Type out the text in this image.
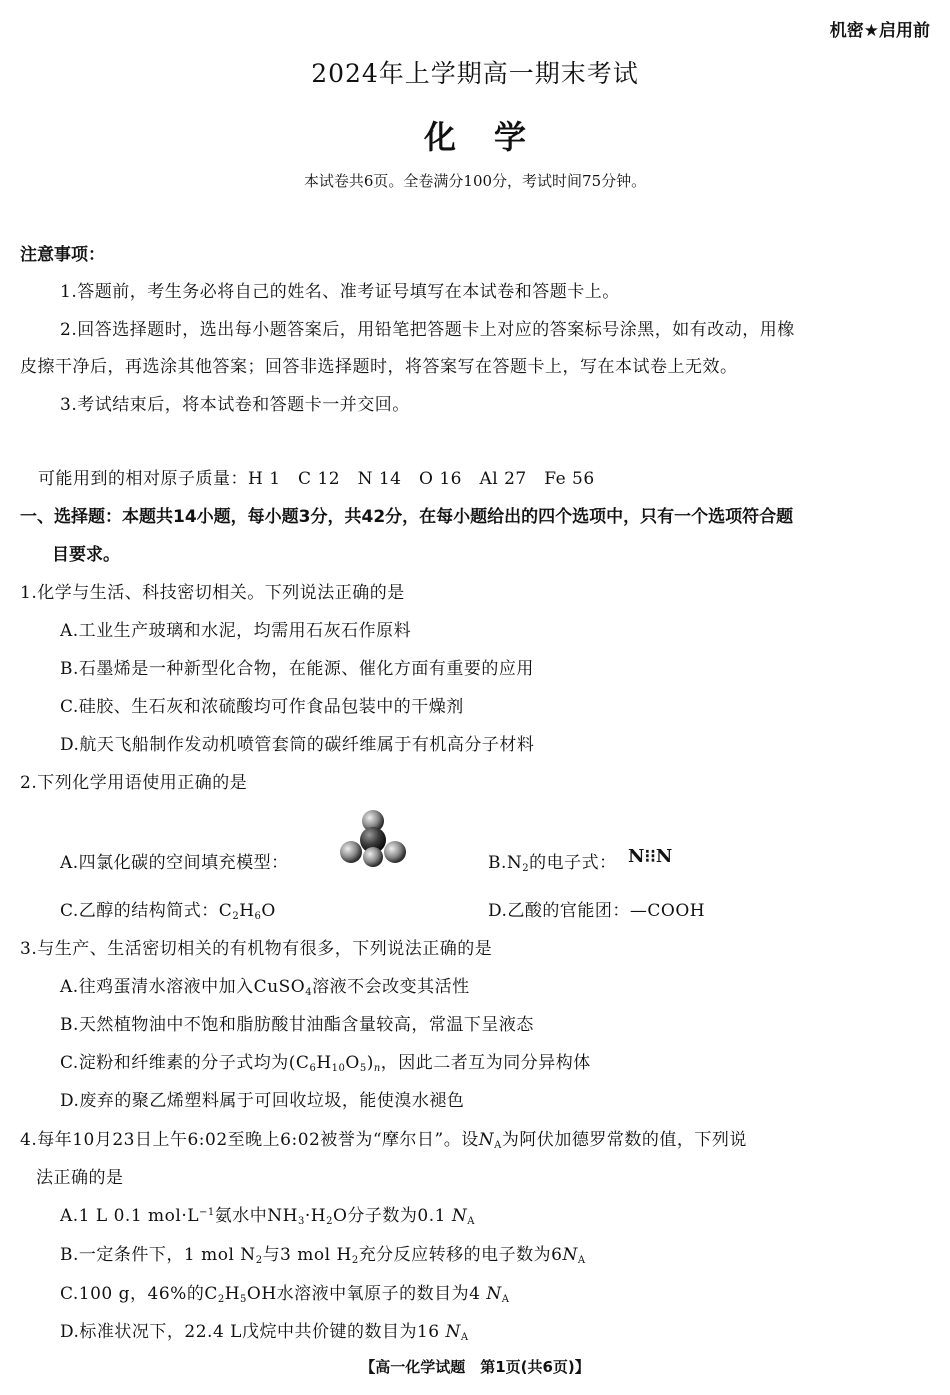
机密★启用前
2024年上学期高一期末考试
化学
本试卷共6页。全卷满分100分，考试时间75分钟。
注意事项：
1.答题前，考生务必将自己的姓名、准考证号填写在本试卷和答题卡上。
2.回答选择题时，选出每小题答案后，用铅笔把答题卡上对应的答案标号涂黑，如有改动，用橡
皮擦干净后，再选涂其他答案；回答非选择题时，将答案写在答题卡上，写在本试卷上无效。
3.考试结束后，将本试卷和答题卡一并交回。
可能用到的相对原子质量：H 1　C 12　N 14　O 16　Al 27　Fe 56
一、选择题：本题共14小题，每小题3分，共42分，在每小题给出的四个选项中，只有一个选项符合题
目要求。
1.化学与生活、科技密切相关。下列说法正确的是
A.工业生产玻璃和水泥，均需用石灰石作原料
B.石墨烯是一种新型化合物，在能源、催化方面有重要的应用
C.硅胶、生石灰和浓硫酸均可作食品包装中的干燥剂
D.航天飞船制作发动机喷管套筒的碳纤维属于有机高分子材料
2.下列化学用语使用正确的是
A.四氯化碳的空间填充模型：	$B.N_2$的电子式： N⁝⁝N
C.乙醇的结构简式：$C_2H_6O$	D.乙酸的官能团：—COOH
3.与生产、生活密切相关的有机物有很多，下列说法正确的是
A.往鸡蛋清水溶液中加入CuSO$_4$溶液不会改变其活性
B.天然植物油中不饱和脂肪酸甘油酯含量较高，常温下呈液态
C.淀粉和纤维素的分子式均为$(C_6H_{10}O_5)_n$，因此二者互为同分异构体
D.废弃的聚乙烯塑料属于可回收垃圾，能使溴水褪色
4.每年10月23日上午6:02至晚上6:02被誉为“摩尔日”。设$N_A$为阿伏加德罗常数的值，下列说
法正确的是
A.1 L 0.1 $mol\cdot L^{-1}$氨水中$NH_3\cdot H_2O$分子数为0.1 $N_A$
B.一定条件下，1 mol $N_2$与3 mol $H_2$充分反应转移的电子数为$6N_A$
C.100 g，46%的$C_2H_5OH$水溶液中氧原子的数目为4 $N_A$
D.标准状况下，22.4 L戊烷中共价键的数目为16 $N_A$
【高一化学试题　第1页(共6页)】
